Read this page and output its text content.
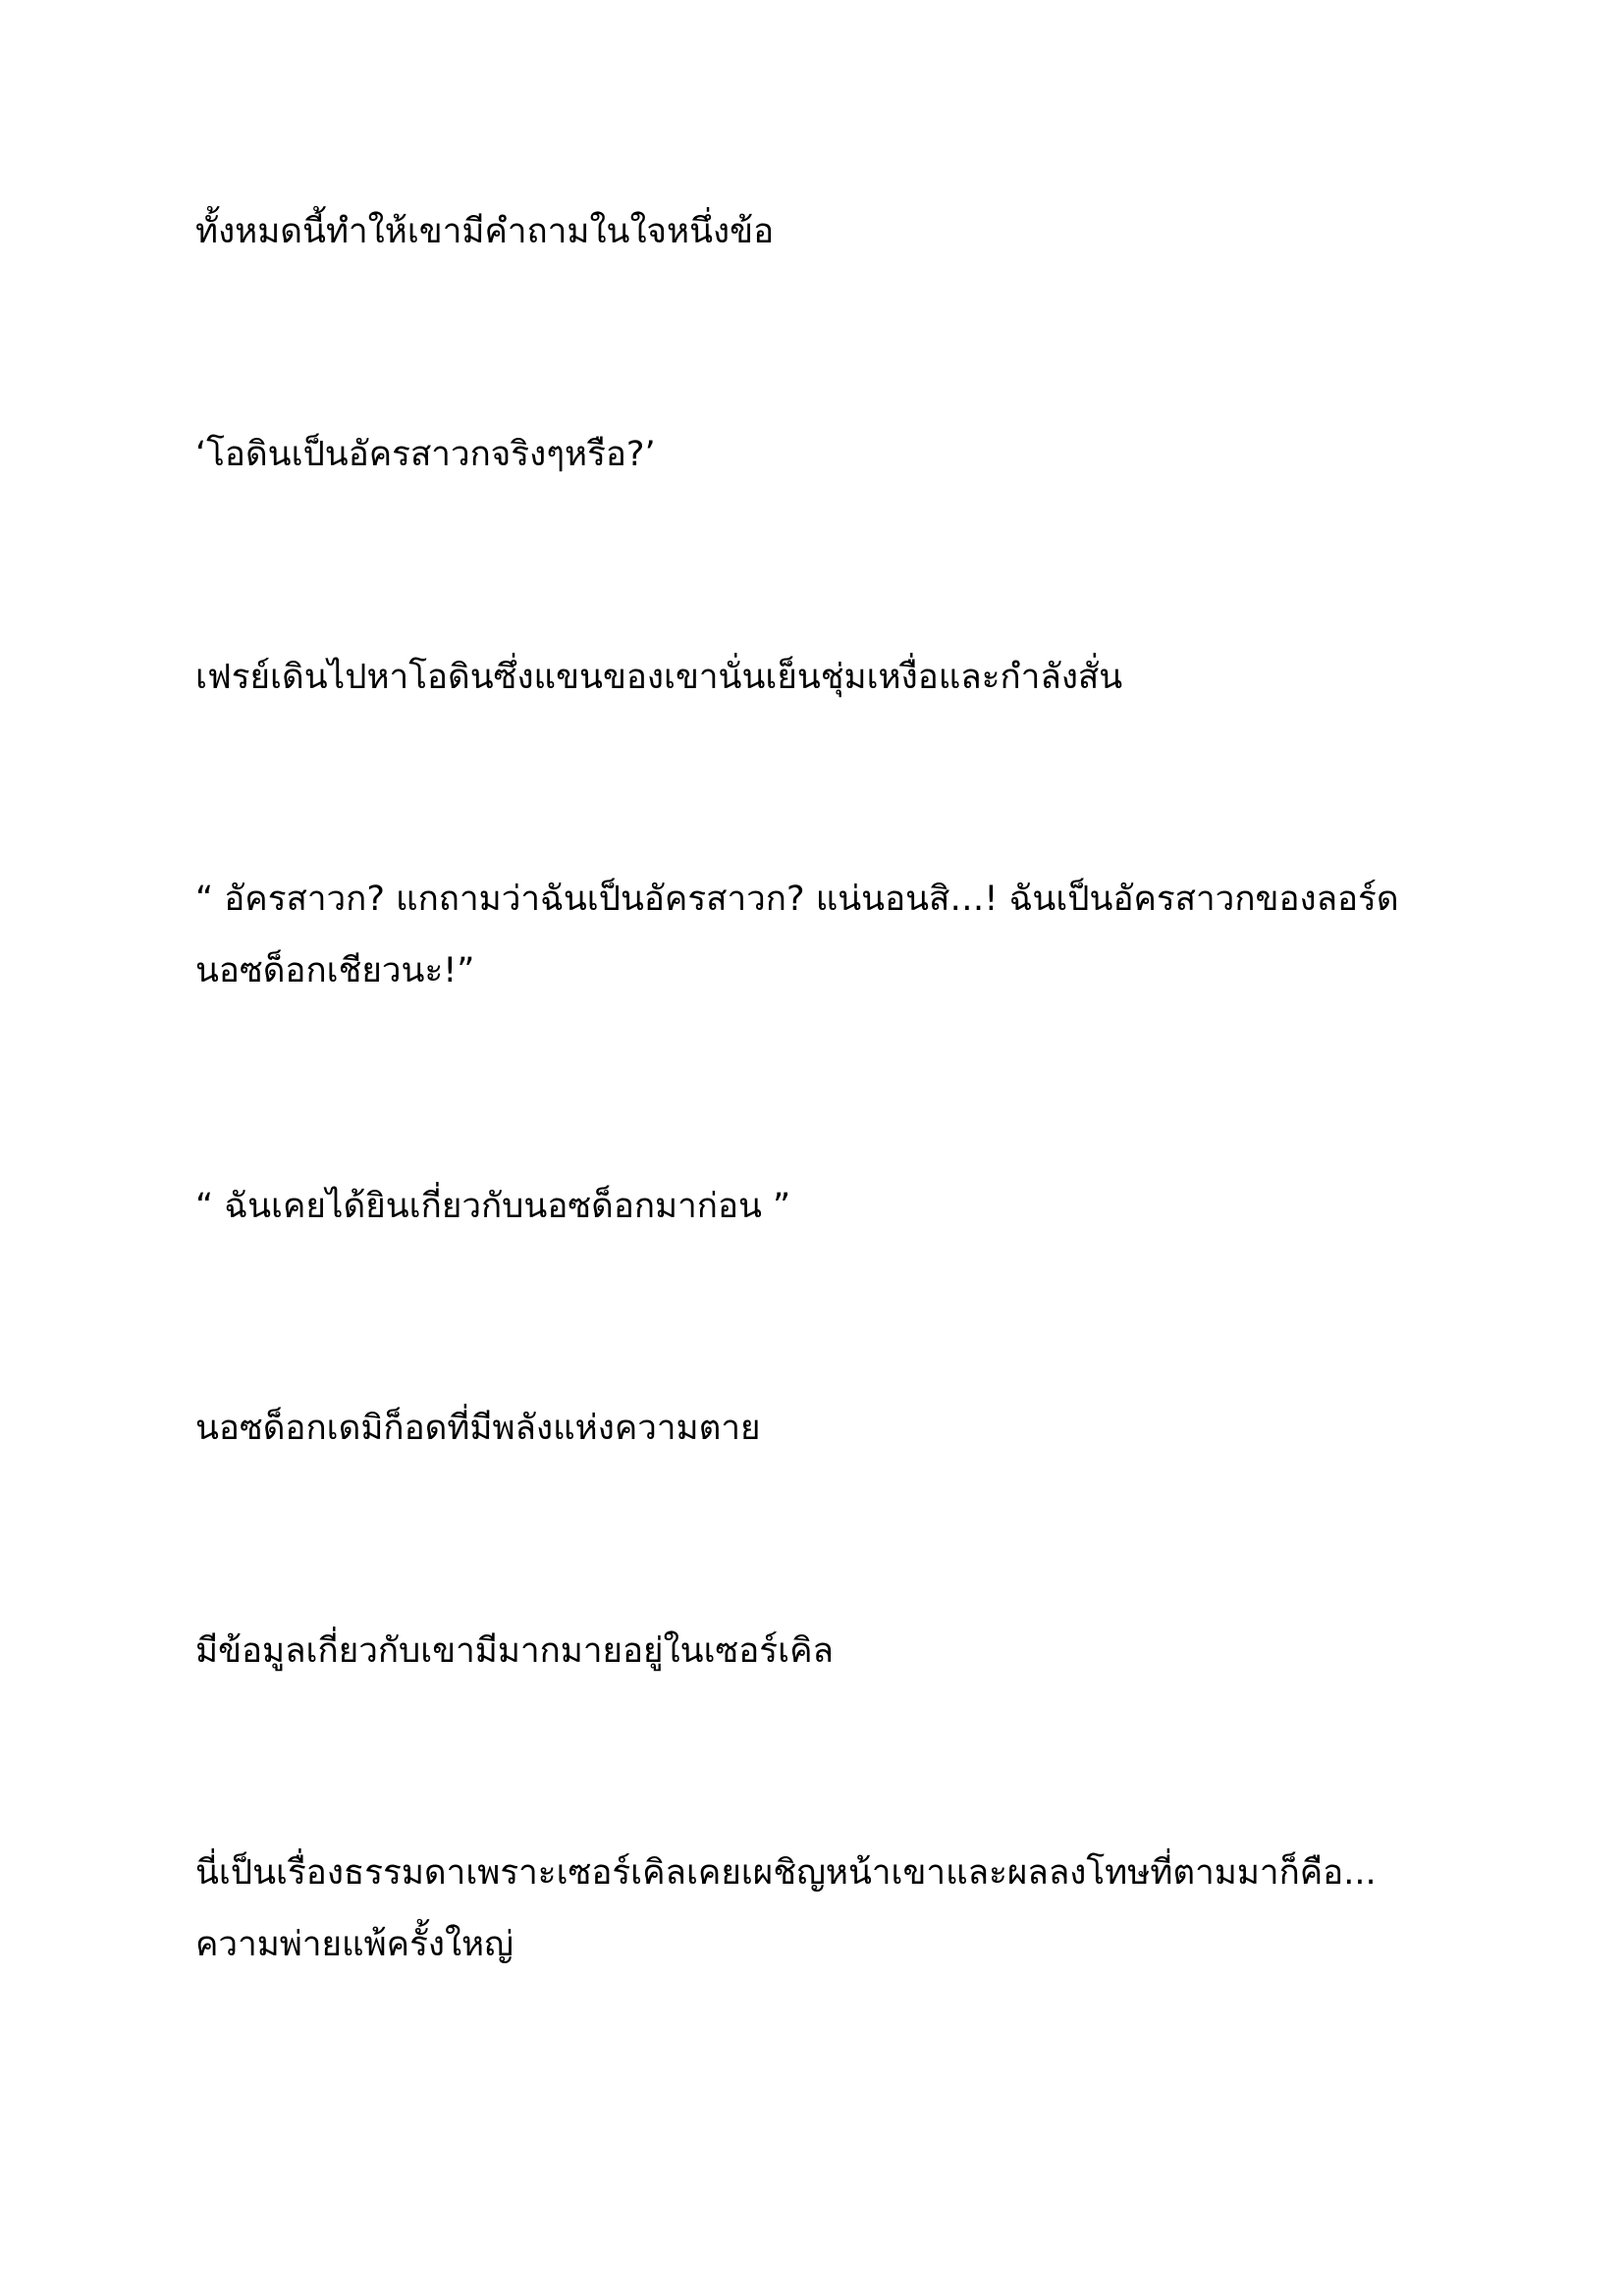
ทั้งหมดนี้ทำให้เขามีคำถามในใจหนึ่งข้อ

‘โอดินเป็นอัครสาวกจริงๆหรือ?’

เฟรย์เดินไปหาโอดินซึ่งแขนของเขานั่นเย็นชุ่มเหงื่อและกำลังสั่น

“ อัครสาวก? แกถามว่าฉันเป็นอัครสาวก? แน่นอนสิ…! ฉันเป็นอัครสาวกของลอร์ด นอซด็อกเชียวนะ!”

“ ฉันเคยได้ยินเกี่ยวกับนอซด็อกมาก่อน ”

นอซด็อกเดมิก็อดที่มีพลังแห่งความตาย

มีข้อมูลเกี่ยวกับเขามีมากมายอยู่ในเซอร์เคิล

นี่เป็นเรื่องธรรมดาเพราะเซอร์เคิลเคยเผชิญหน้าเขาและผลลงโทษที่ตามมาก็คือ... ความพ่ายแพ้ครั้งใหญ่
